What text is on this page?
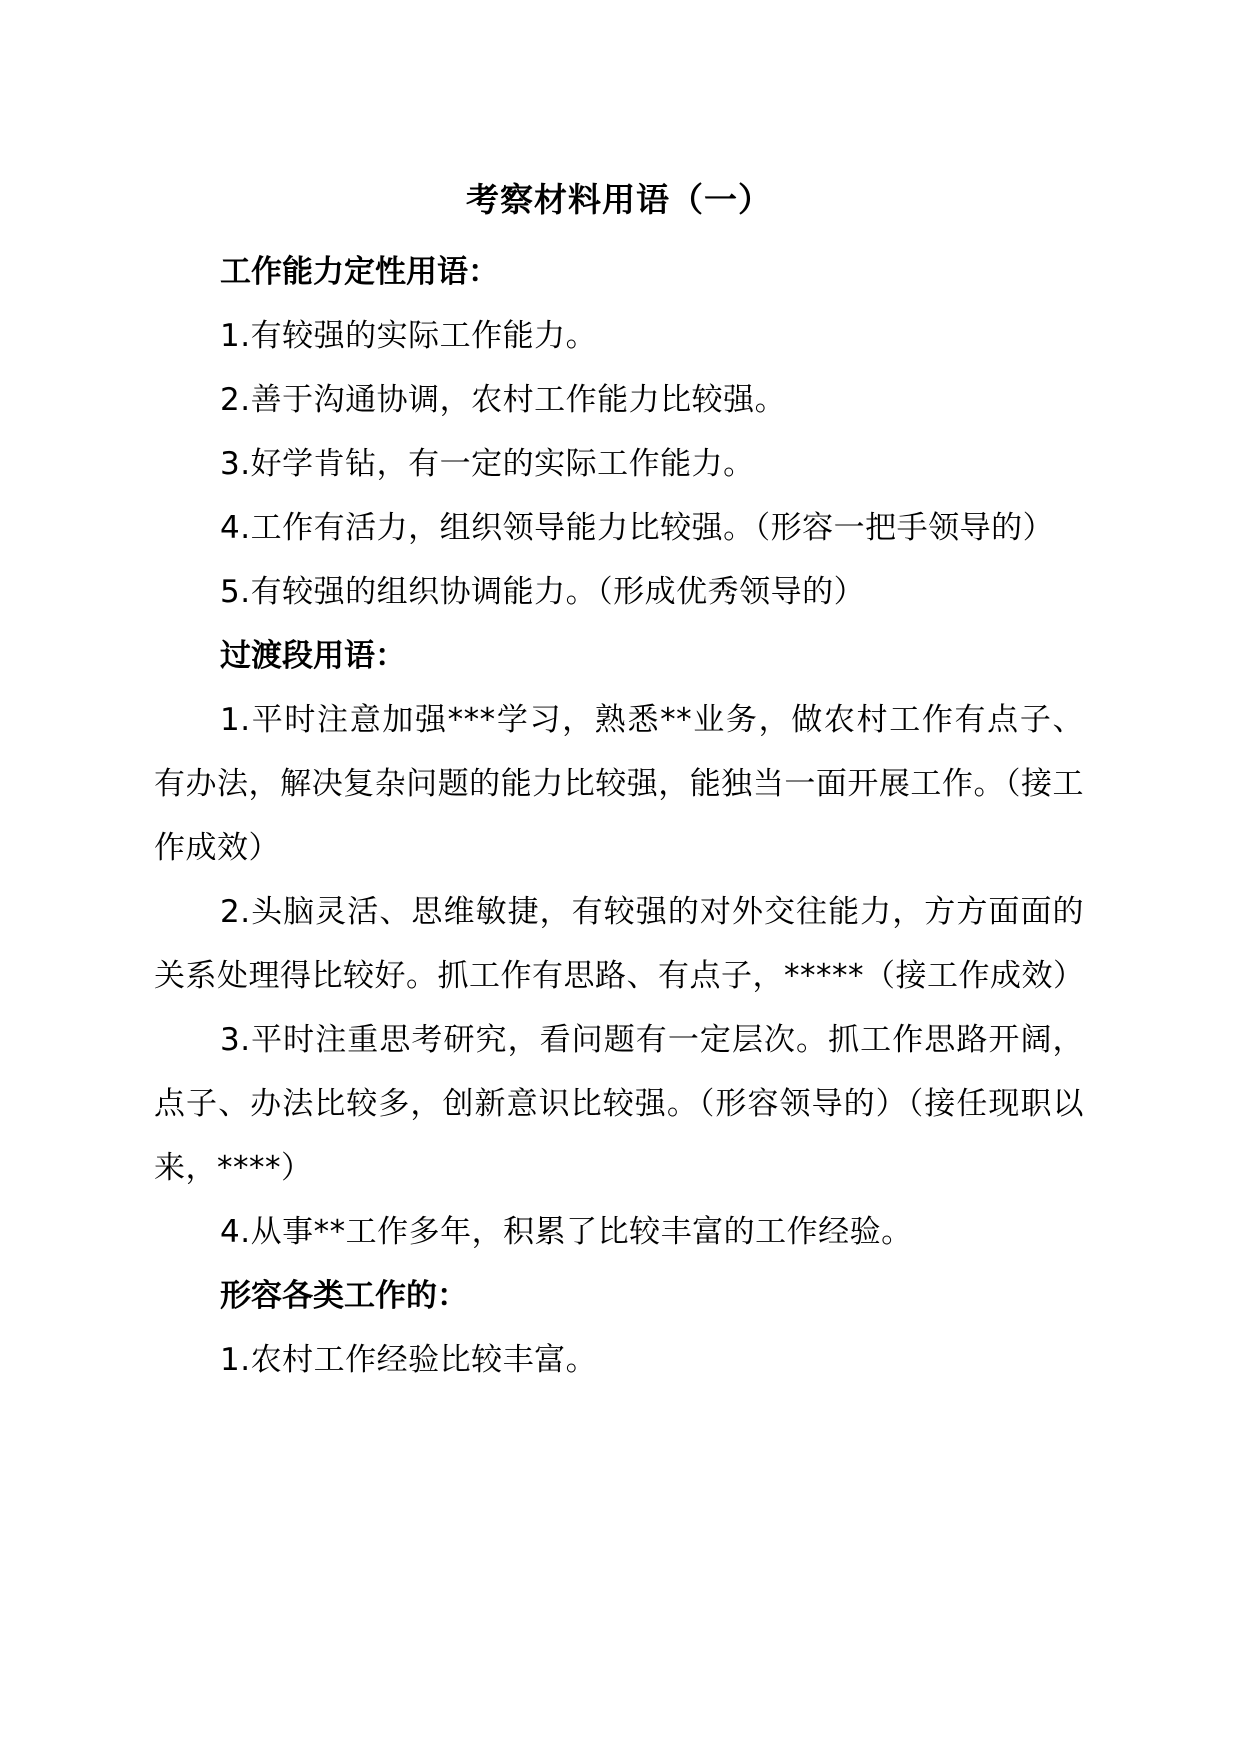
考察材料用语（一）

工作能力定性用语：

1.有较强的实际工作能力。

2.善于沟通协调，农村工作能力比较强。

3.好学肯钻，有一定的实际工作能力。

4.工作有活力，组织领导能力比较强。（形容一把手领导的）

5.有较强的组织协调能力。（形成优秀领导的）

过渡段用语：

1.平时注意加强***学习，熟悉**业务，做农村工作有点子、有办法，解决复杂问题的能力比较强，能独当一面开展工作。（接工作成效）

2.头脑灵活、思维敏捷，有较强的对外交往能力，方方面面的关系处理得比较好。抓工作有思路、有点子，*****（接工作成效）

3.平时注重思考研究，看问题有一定层次。抓工作思路开阔，点子、办法比较多，创新意识比较强。（形容领导的）（接任现职以来，****）

4.从事**工作多年，积累了比较丰富的工作经验。

形容各类工作的：

1.农村工作经验比较丰富。
